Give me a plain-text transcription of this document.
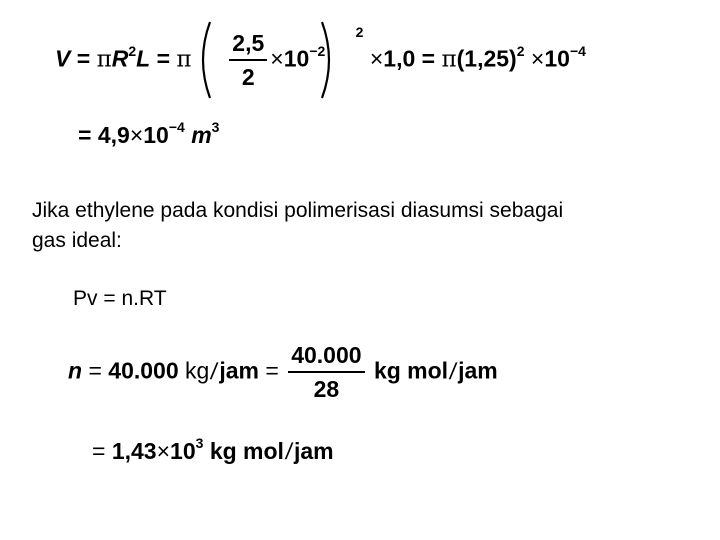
$V = \pi R^2L = \pi \frac{2,5}{2} \times 10^{-2}$ $^2 \times 1,0 = \pi(1,25)^2 \times 10^{-4}$
= $4,9\times 10^{-4}$ $m^3$
Jika ethylene pada kondisi polimerisasi diasumsi sebagai
gas ideal:
Pv = n.RT
n = 40.000 $kg/jam = \frac{40.000}{28}$ kg mol/jam
= $1,43\times 10^3$ kg mol/jam
